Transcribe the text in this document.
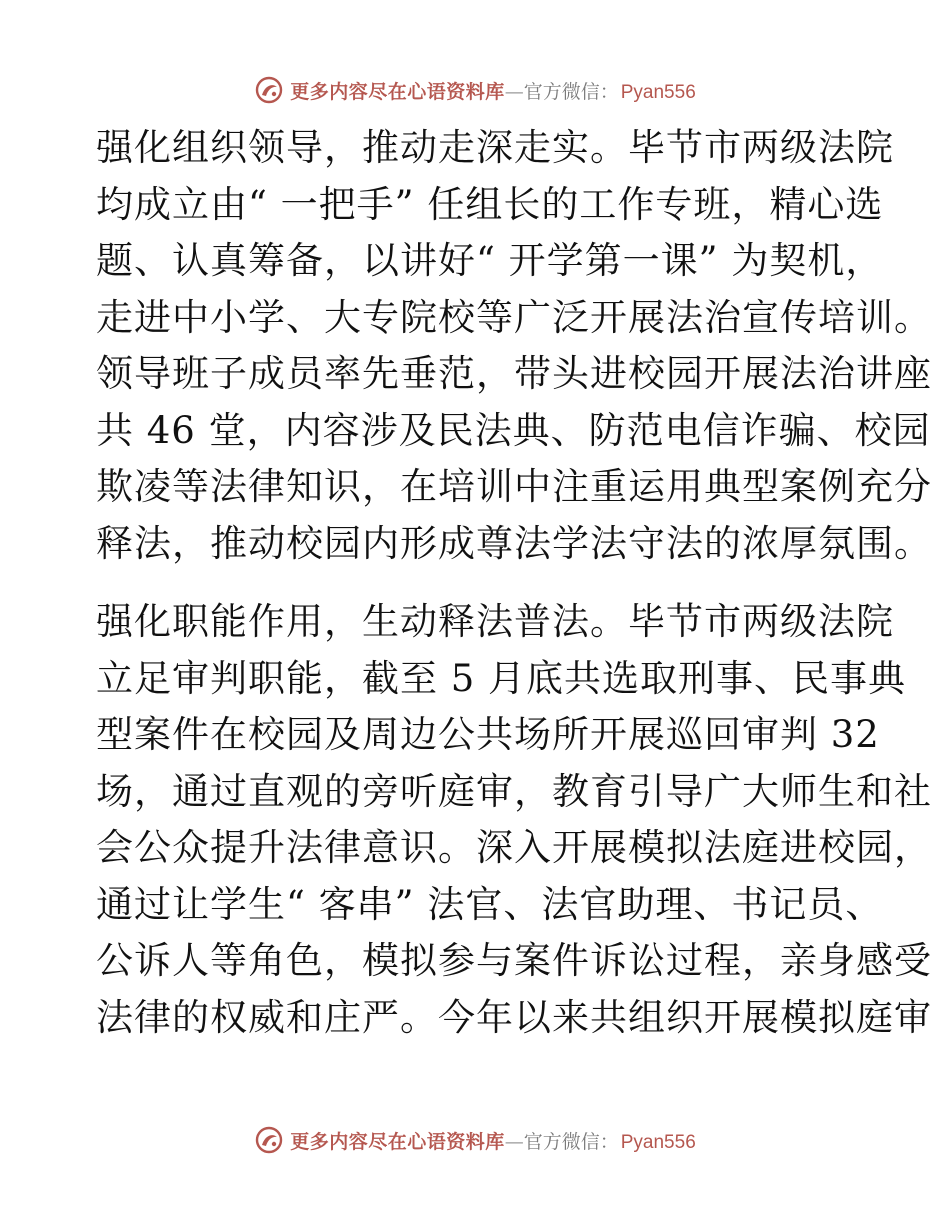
更多内容尽在心语资料库 — 官方微信： Pyan556

强化组织领导，推动走深走实。毕节市两级法院
均成立由“ 一把手” 任组长的工作专班，精心选
题、认真筹备，以讲好“ 开学第一课” 为契机，
走进中小学、大专院校等广泛开展法治宣传培训。
领导班子成员率先垂范，带头进校园开展法治讲座
共 46 堂，内容涉及民法典、防范电信诈骗、校园
欺凌等法律知识，在培训中注重运用典型案例充分
释法，推动校园内形成尊法学法守法的浓厚氛围。

强化职能作用，生动释法普法。毕节市两级法院
立足审判职能，截至 5 月底共选取刑事、民事典
型案件在校园及周边公共场所开展巡回审判 32
场，通过直观的旁听庭审，教育引导广大师生和社
会公众提升法律意识。深入开展模拟法庭进校园，
通过让学生“ 客串” 法官、法官助理、书记员、
公诉人等角色，模拟参与案件诉讼过程，亲身感受
法律的权威和庄严。今年以来共组织开展模拟庭审

更多内容尽在心语资料库 — 官方微信： Pyan556
